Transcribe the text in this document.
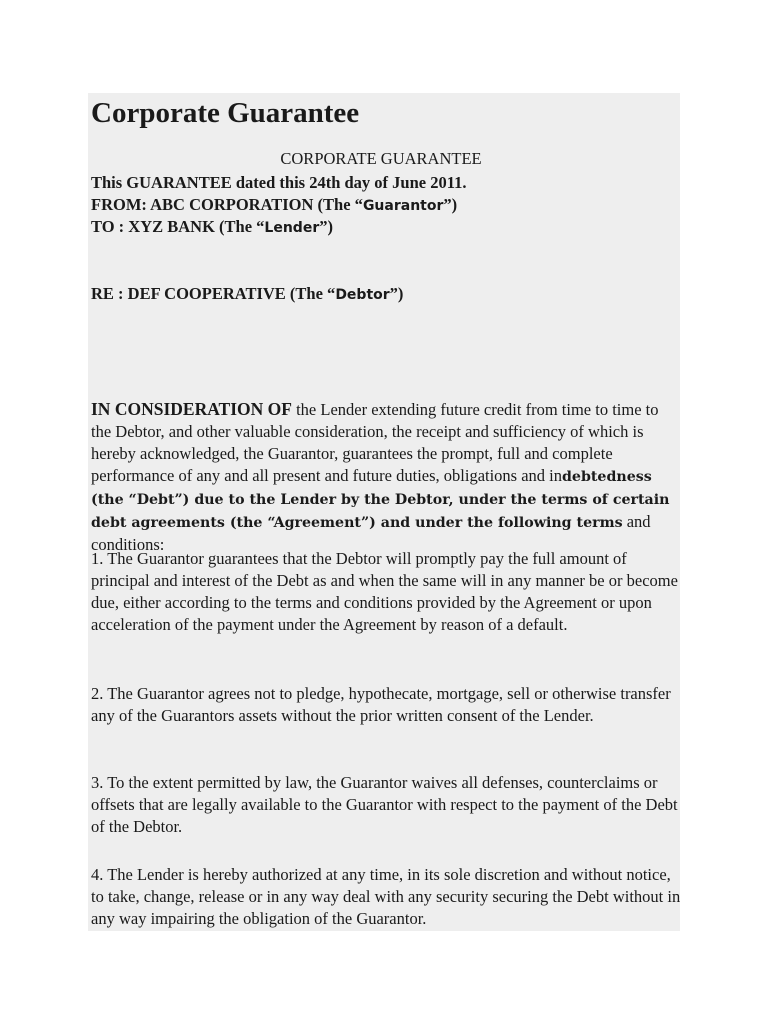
Corporate Guarantee
CORPORATE GUARANTEE
This GUARANTEE dated this 24th day of June 2011.
FROM: ABC CORPORATION (The “Guarantor”)
TO : XYZ BANK (The “Lender”)
RE : DEF COOPERATIVE (The “Debtor”)
IN CONSIDERATION OF the Lender extending future credit from time to time to the Debtor, and other valuable consideration, the receipt and sufficiency of which is hereby acknowledged, the Guarantor, guarantees the prompt, full and complete performance of any and all present and future duties, obligations and indebtedness (the “Debt”) due to the Lender by the Debtor, under the terms of certain debt agreements (the “Agreement”) and under the following terms and conditions:

1. The Guarantor guarantees that the Debtor will promptly pay the full amount of principal and interest of the Debt as and when the same will in any manner be or become due, either according to the terms and conditions provided by the Agreement or upon acceleration of the payment under the Agreement by reason of a default.

2. The Guarantor agrees not to pledge, hypothecate, mortgage, sell or otherwise transfer any of the Guarantors assets without the prior written consent of the Lender.

3. To the extent permitted by law, the Guarantor waives all defenses, counterclaims or offsets that are legally available to the Guarantor with respect to the payment of the Debt of the Debtor.

4. The Lender is hereby authorized at any time, in its sole discretion and without notice, to take, change, release or in any way deal with any security securing the Debt without in any way impairing the obligation of the Guarantor.
